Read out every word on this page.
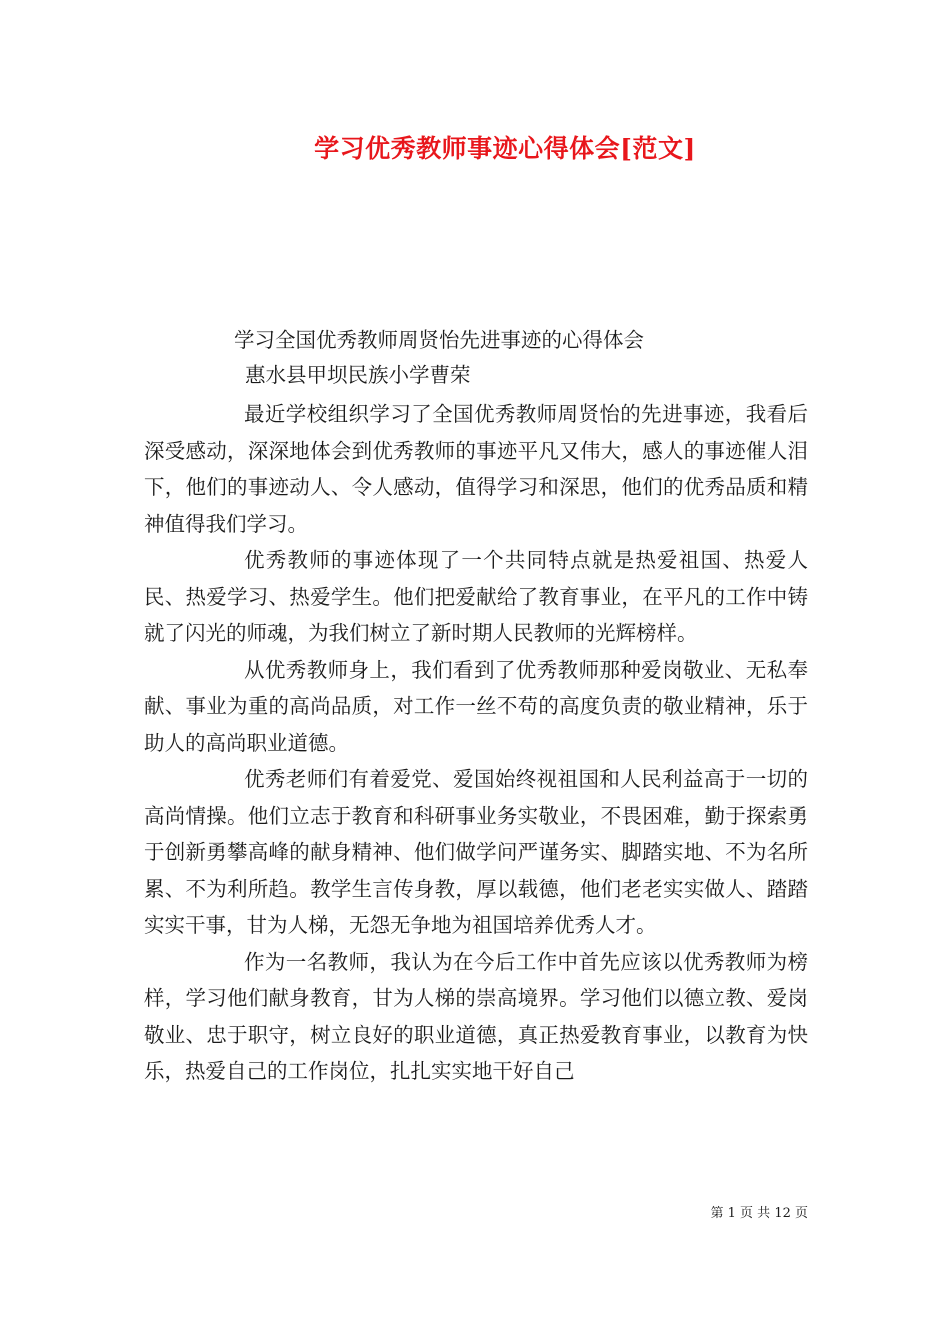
学习优秀教师事迹心得体会[范文]
学习全国优秀教师周贤怡先进事迹的心得体会
惠水县甲坝民族小学曹荣

最近学校组织学习了全国优秀教师周贤怡的先进事迹，我看后深受感动，深深地体会到优秀教师的事迹平凡又伟大，感人的事迹催人泪下，他们的事迹动人、令人感动，值得学习和深思，他们的优秀品质和精神值得我们学习。

优秀教师的事迹体现了一个共同特点就是热爱祖国、热爱人民、热爱学习、热爱学生。他们把爱献给了教育事业，在平凡的工作中铸就了闪光的师魂，为我们树立了新时期人民教师的光辉榜样。

从优秀教师身上，我们看到了优秀教师那种爱岗敬业、无私奉献、事业为重的高尚品质，对工作一丝不苟的高度负责的敬业精神，乐于助人的高尚职业道德。

优秀老师们有着爱党、爱国始终视祖国和人民利益高于一切的高尚情操。他们立志于教育和科研事业务实敬业，不畏困难，勤于探索勇于创新勇攀高峰的献身精神、他们做学问严谨务实、脚踏实地、不为名所累、不为利所趋。教学生言传身教，厚以载德，他们老老实实做人、踏踏实实干事，甘为人梯，无怨无争地为祖国培养优秀人才。

作为一名教师，我认为在今后工作中首先应该以优秀教师为榜样，学习他们献身教育，甘为人梯的崇高境界。学习他们以德立教、爱岗敬业、忠于职守，树立良好的职业道德，真正热爱教育事业，以教育为快乐，热爱自己的工作岗位，扎扎实实地干好自己

第 1 页 共 12 页
